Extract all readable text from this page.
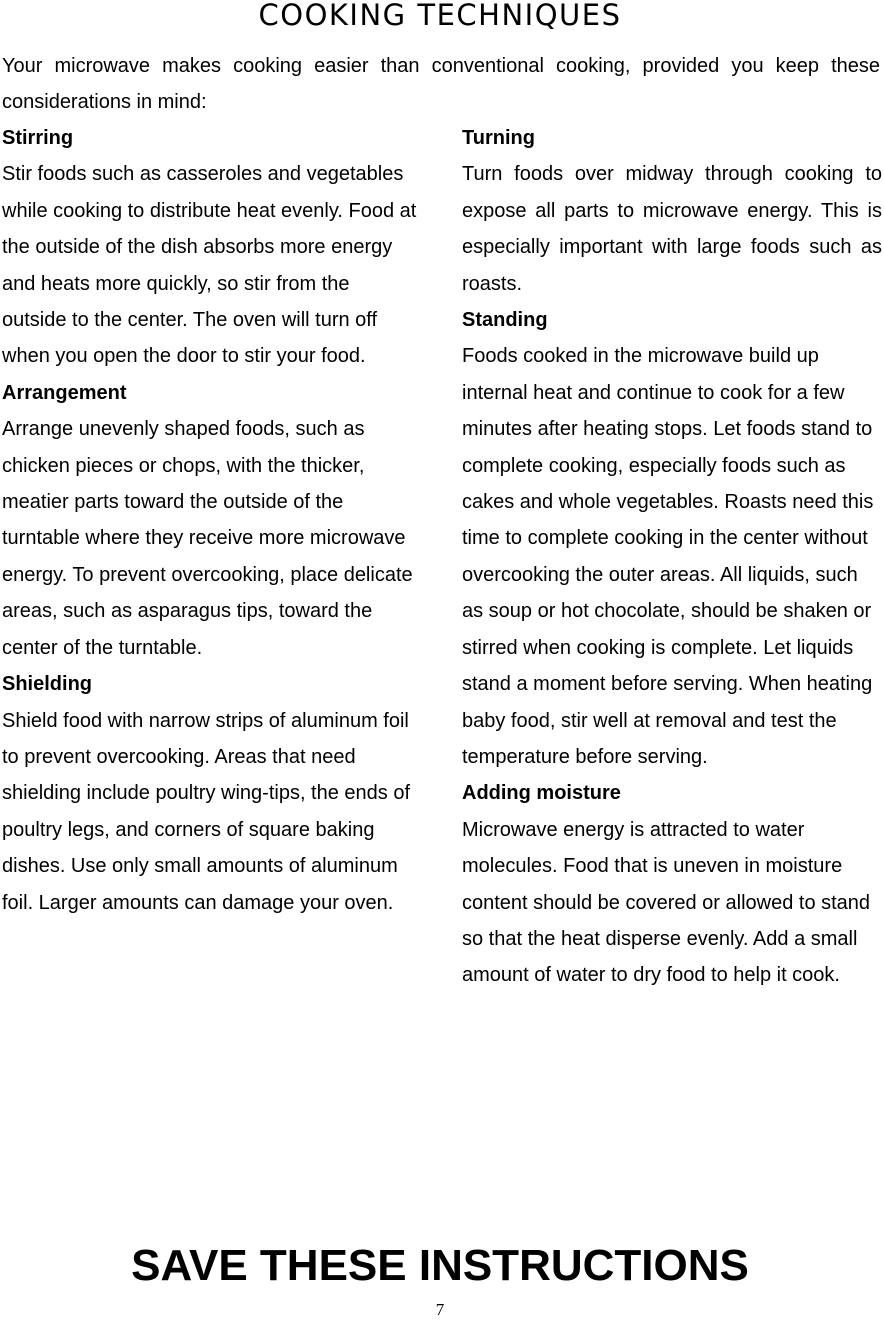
COOKING TECHNIQUES

Your microwave makes cooking easier than conventional cooking, provided you keep these considerations in mind:

Stirring

Stir foods such as casseroles and vegetables while cooking to distribute heat evenly. Food at the outside of the dish absorbs more energy and heats more quickly, so stir from the outside to the center. The oven will turn off when you open the door to stir your food.

Arrangement

Arrange unevenly shaped foods, such as chicken pieces or chops, with the thicker, meatier parts toward the outside of the turntable where they receive more microwave energy. To prevent overcooking, place delicate areas, such as asparagus tips, toward the center of the turntable.

Shielding

Shield food with narrow strips of aluminum foil to prevent overcooking. Areas that need shielding include poultry wing-tips, the ends of poultry legs, and corners of square baking dishes. Use only small amounts of aluminum foil. Larger amounts can damage your oven.

Turning

Turn foods over midway through cooking to expose all parts to microwave energy. This is especially important with large foods such as roasts.

Standing

Foods cooked in the microwave build up internal heat and continue to cook for a few minutes after heating stops. Let foods stand to complete cooking, especially foods such as cakes and whole vegetables. Roasts need this time to complete cooking in the center without overcooking the outer areas. All liquids, such as soup or hot chocolate, should be shaken or stirred when cooking is complete. Let liquids stand a moment before serving. When heating baby food, stir well at removal and test the temperature before serving.

Adding moisture

Microwave energy is attracted to water molecules. Food that is uneven in moisture content should be covered or allowed to stand so that the heat disperse evenly. Add a small amount of water to dry food to help it cook.

SAVE THESE INSTRUCTIONS
7
